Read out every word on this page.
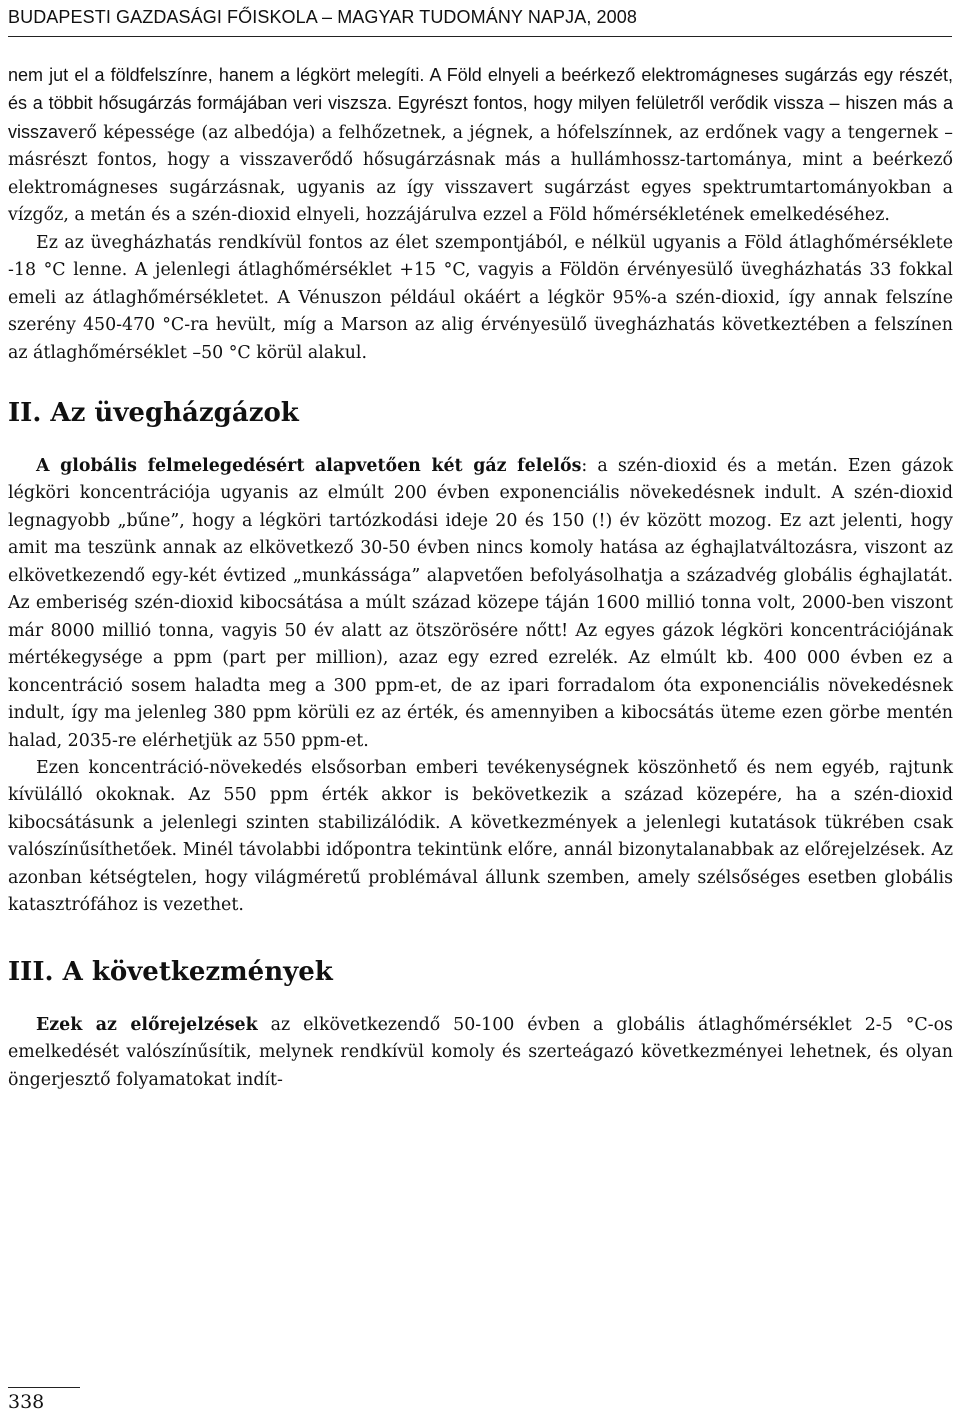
BUDAPESTI GAZDASÁGI FŐISKOLA – MAGYAR TUDOMÁNY NAPJA, 2008

nem jut el a földfelszínre, hanem a légkört melegíti. A Föld elnyeli a beérkező elektromágneses sugárzás egy részét, és a többit hősugárzás formájában veri viszsza. Egyrészt fontos, hogy milyen felületről verődik vissza – hiszen más a visszaverő képessége (az albedója) a felhőzetnek, a jégnek, a hófelszínnek, az erdőnek vagy a tengernek – másrészt fontos, hogy a visszaverődő hősugárzásnak más a hullámhossz-tartománya, mint a beérkező elektromágneses sugárzásnak, ugyanis az így visszavert sugárzást egyes spektrumtartományokban a vízgőz, a metán és a szén-dioxid elnyeli, hozzájárulva ezzel a Föld hőmérsékletének emelkedéséhez.

Ez az üvegházhatás rendkívül fontos az élet szempontjából, e nélkül ugyanis a Föld átlaghőmérséklete -18 °C lenne. A jelenlegi átlaghőmérséklet +15 °C, vagyis a Földön érvényesülő üvegházhatás 33 fokkal emeli az átlaghőmérsékletet. A Vénuszon például okáért a légkör 95%-a szén-dioxid, így annak felszíne szerény 450-470 °C-ra hevült, míg a Marson az alig érvényesülő üvegházhatás következtében a felszínen az átlaghőmérséklet –50 °C körül alakul.

II. Az üvegházgázok

A globális felmelegedésért alapvetően két gáz felelős: a szén-dioxid és a metán. Ezen gázok légköri koncentrációja ugyanis az elmúlt 200 évben exponenciális növekedésnek indult. A szén-dioxid legnagyobb „bűne”, hogy a légköri tartózkodási ideje 20 és 150 (!) év között mozog. Ez azt jelenti, hogy amit ma teszünk annak az elkövetkező 30-50 évben nincs komoly hatása az éghajlatváltozásra, viszont az elkövetkezendő egy-két évtized „munkássága” alapvetően befolyásolhatja a századvég globális éghajlatát. Az emberiség szén-dioxid kibocsátása a múlt század közepe táján 1600 millió tonna volt, 2000-ben viszont már 8000 millió tonna, vagyis 50 év alatt az ötszörösére nőtt! Az egyes gázok légköri koncentrációjának mértékegysége a ppm (part per million), azaz egy ezred ezrelék. Az elmúlt kb. 400 000 évben ez a koncentráció sosem haladta meg a 300 ppm-et, de az ipari forradalom óta exponenciális növekedésnek indult, így ma jelenleg 380 ppm körüli ez az érték, és amennyiben a kibocsátás üteme ezen görbe mentén halad, 2035-re elérhetjük az 550 ppm-et.

Ezen koncentráció-növekedés elsősorban emberi tevékenységnek köszönhető és nem egyéb, rajtunk kívülálló okoknak. Az 550 ppm érték akkor is bekövetkezik a század közepére, ha a szén-dioxid kibocsátásunk a jelenlegi szinten stabilizálódik. A következmények a jelenlegi kutatások tükrében csak valószínűsíthetőek. Minél távolabbi időpontra tekintünk előre, annál bizonytalanabbak az előrejelzések. Az azonban kétségtelen, hogy világméretű problémával állunk szemben, amely szélsőséges esetben globális katasztrófához is vezethet.

III. A következmények

Ezek az előrejelzések az elkövetkezendő 50-100 évben a globális átlaghőmérséklet 2-5 °C-os emelkedését valószínűsítik, melynek rendkívül komoly és szerteágazó következményei lehetnek, és olyan öngerjesztő folyamatokat indít-

338
